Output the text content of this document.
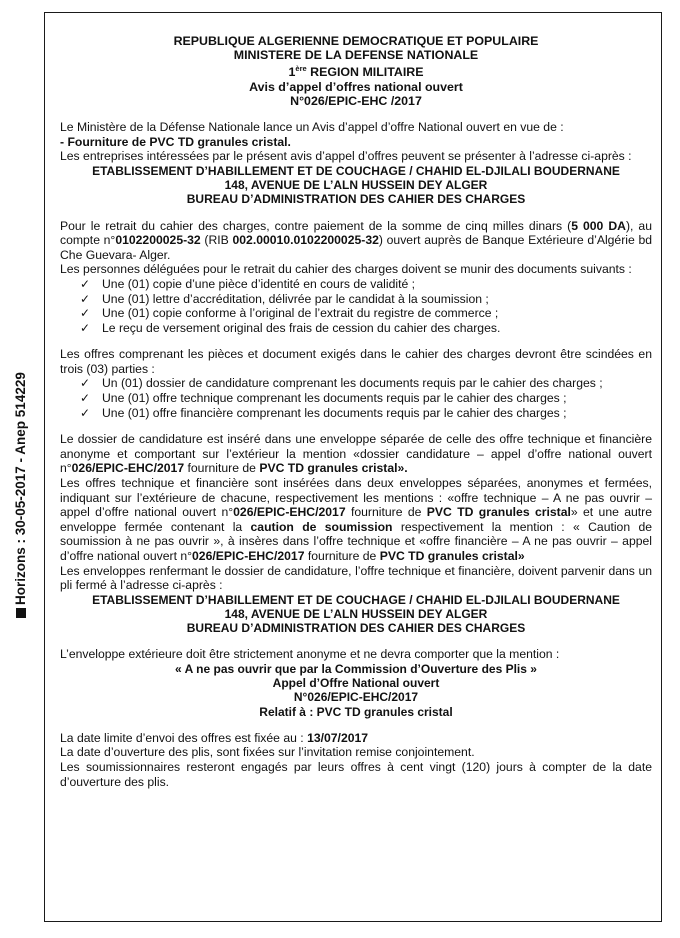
Horizons : 30-05-2017 - Anep 514229
REPUBLIQUE ALGERIENNE DEMOCRATIQUE ET POPULAIRE
MINISTERE DE LA DEFENSE NATIONALE
1ère REGION MILITAIRE
Avis d’appel d’offres national ouvert
N°026/EPIC-EHC /2017

Le Ministère de la Défense Nationale lance un Avis d’appel d’offre National ouvert en vue de :

- Fourniture de PVC TD granules cristal.

Les entreprises intéressées par le présent avis d’appel d’offres peuvent se présenter à l’adresse ci-après :

ETABLISSEMENT D’HABILLEMENT ET DE COUCHAGE / CHAHID EL-DJILALI BOUDERNANE
148, AVENUE DE L’ALN HUSSEIN DEY ALGER
BUREAU D’ADMINISTRATION DES CAHIER DES CHARGES

Pour le retrait du cahier des charges, contre paiement de la somme de cinq milles dinars (5 000 DA), au compte n°0102200025-32 (RIB 002.00010.0102200025-32) ouvert auprès de Banque Extérieure d’Algérie bd Che Guevara- Alger.

Les personnes déléguées pour le retrait du cahier des charges doivent se munir des documents suivants :

✓ Une (01) copie d’une pièce d’identité en cours de validité ;
✓ Une (01) lettre d’accréditation, délivrée par le candidat à la soumission ;
✓ Une (01) copie conforme à l’original de l’extrait du registre de commerce ;
✓ Le reçu de versement original des frais de cession du cahier des charges.

Les offres comprenant les pièces et document exigés dans le cahier des charges devront être scindées en trois (03) parties :

✓ Un (01) dossier de candidature comprenant les documents requis par le cahier des charges ;
✓ Une (01) offre technique comprenant les documents requis par le cahier des charges ;
✓ Une (01) offre financière comprenant les documents requis par le cahier des charges ;

Le dossier de candidature est inséré dans une enveloppe séparée de celle des offre technique et financière anonyme et comportant sur l’extérieur la mention «dossier candidature – appel d’offre national ouvert n°026/EPIC-EHC/2017 fourniture de PVC TD granules cristal».

Les offres technique et financière sont insérées dans deux enveloppes séparées, anonymes et fermées, indiquant sur l’extérieure de chacune, respectivement les mentions : «offre technique – A ne pas ouvrir – appel d’offre national ouvert n°026/EPIC-EHC/2017 fourniture de PVC TD granules cristal» et une autre enveloppe fermée contenant la caution de soumission respectivement la mention : « Caution de soumission à ne pas ouvrir », à insères dans l’offre technique et «offre financière – A ne pas ouvrir – appel d’offre national ouvert n°026/EPIC-EHC/2017 fourniture de PVC TD granules cristal»

Les enveloppes renfermant le dossier de candidature, l’offre technique et financière, doivent parvenir dans un pli fermé à l’adresse ci-après :

ETABLISSEMENT D’HABILLEMENT ET DE COUCHAGE / CHAHID EL-DJILALI BOUDERNANE
148, AVENUE DE L’ALN HUSSEIN DEY ALGER
BUREAU D’ADMINISTRATION DES CAHIER DES CHARGES

L’enveloppe extérieure doit être strictement anonyme et ne devra comporter que la mention :

« A ne pas ouvrir que par la Commission d’Ouverture des Plis »
Appel d’Offre National ouvert
N°026/EPIC-EHC/2017
Relatif à : PVC TD granules cristal

La date limite d’envoi des offres est fixée au : 13/07/2017

La date d’ouverture des plis, sont fixées sur l’invitation remise conjointement.

Les soumissionnaires resteront engagés par leurs offres à cent vingt (120) jours à compter de la date d’ouverture des plis.
